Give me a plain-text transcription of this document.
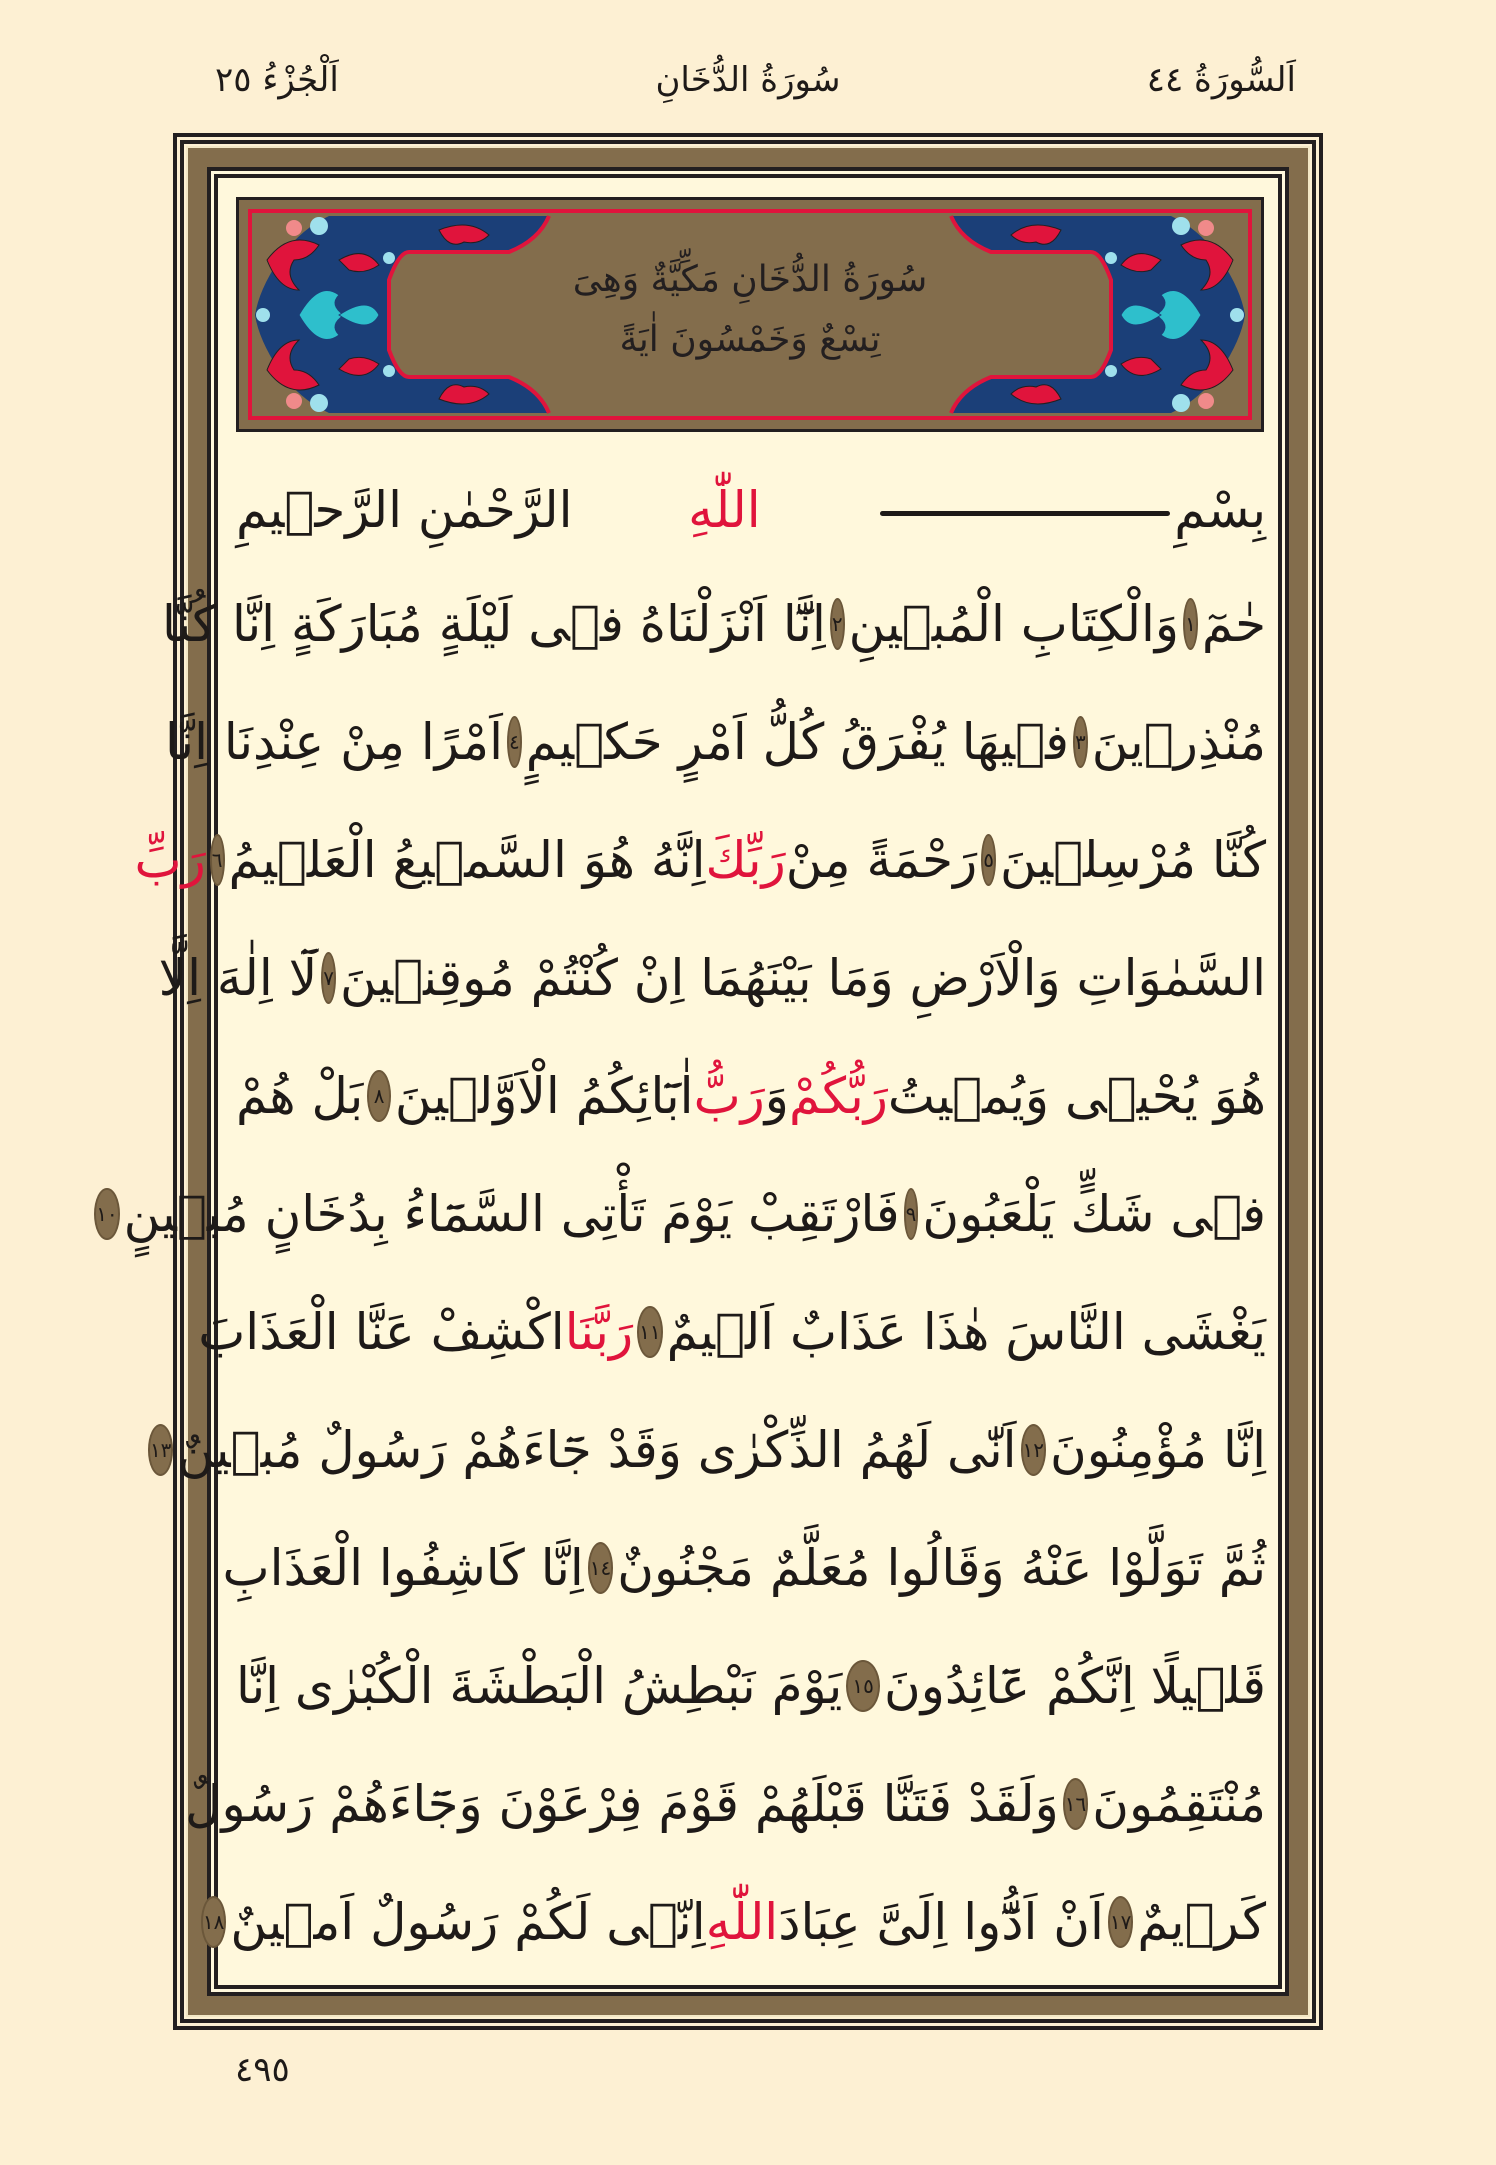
اَلْجُزْءُ ٢٥	سُورَةُ الدُّخَانِ	اَلسُّورَةُ ٤٤
سُورَةُ الدُّخَانِ مَكِّيَّةٌ وَهِىَ
تِسْعٌ وَخَمْسُونَ اٰيَةً
بِسْمِ
اللّٰهِ
الرَّحْمٰنِ الرَّح۪يمِ
حٰمٓ
١
وَالْكِتَابِ الْمُب۪ينِ
٢
اِنَّٓا اَنْزَلْنَاهُ ف۪ى لَيْلَةٍ مُبَارَكَةٍ اِنَّا كُنَّا
مُنْذِر۪ينَ
٣
ف۪يهَا يُفْرَقُ كُلُّ اَمْرٍ حَك۪يمٍ
٤
اَمْرًا مِنْ عِنْدِنَا اِنَّا
كُنَّا مُرْسِل۪ينَ
٥
رَحْمَةً مِنْ
رَبِّكَ
اِنَّهُ هُوَ السَّم۪يعُ الْعَل۪يمُ
٦
رَبِّ
السَّمٰوَاتِ وَالْاَرْضِ وَمَا بَيْنَهُمَا اِنْ كُنْتُمْ مُوقِن۪ينَ
٧
لَٓا اِلٰهَ اِلَّا
هُوَ يُحْي۪ى وَيُم۪يتُ
رَبُّكُمْ
وَ
رَبُّ
اٰبَٓائِكُمُ الْاَوَّل۪ينَ
٨
بَلْ هُمْ
ف۪ى شَكٍّ يَلْعَبُونَ
٩
فَارْتَقِبْ يَوْمَ تَأْتِى السَّمَٓاءُ بِدُخَانٍ مُب۪ينٍ
١٠
يَغْشَى النَّاسَ هٰذَا عَذَابٌ اَل۪يمٌ
١١
رَبَّنَا
اكْشِفْ عَنَّا الْعَذَابَ
اِنَّا مُؤْمِنُونَ
١٢
اَنّٰى لَهُمُ الذِّكْرٰى وَقَدْ جَٓاءَهُمْ رَسُولٌ مُب۪ينٌ
١٣
ثُمَّ تَوَلَّوْا عَنْهُ وَقَالُوا مُعَلَّمٌ مَجْنُونٌ
١٤
اِنَّا كَاشِفُوا الْعَذَابِ
قَل۪يلًا اِنَّكُمْ عَٓائِدُونَ
١٥
يَوْمَ نَبْطِشُ الْبَطْشَةَ الْكُبْرٰى اِنَّا
مُنْتَقِمُونَ
١٦
وَلَقَدْ فَتَنَّا قَبْلَهُمْ قَوْمَ فِرْعَوْنَ وَجَٓاءَهُمْ رَسُولٌ
كَر۪يمٌ
١٧
اَنْ اَدُّٓوا اِلَىَّ عِبَادَ
اللّٰهِ
اِنّ۪ى لَكُمْ رَسُولٌ اَم۪ينٌ
١٨
٤٩٥
